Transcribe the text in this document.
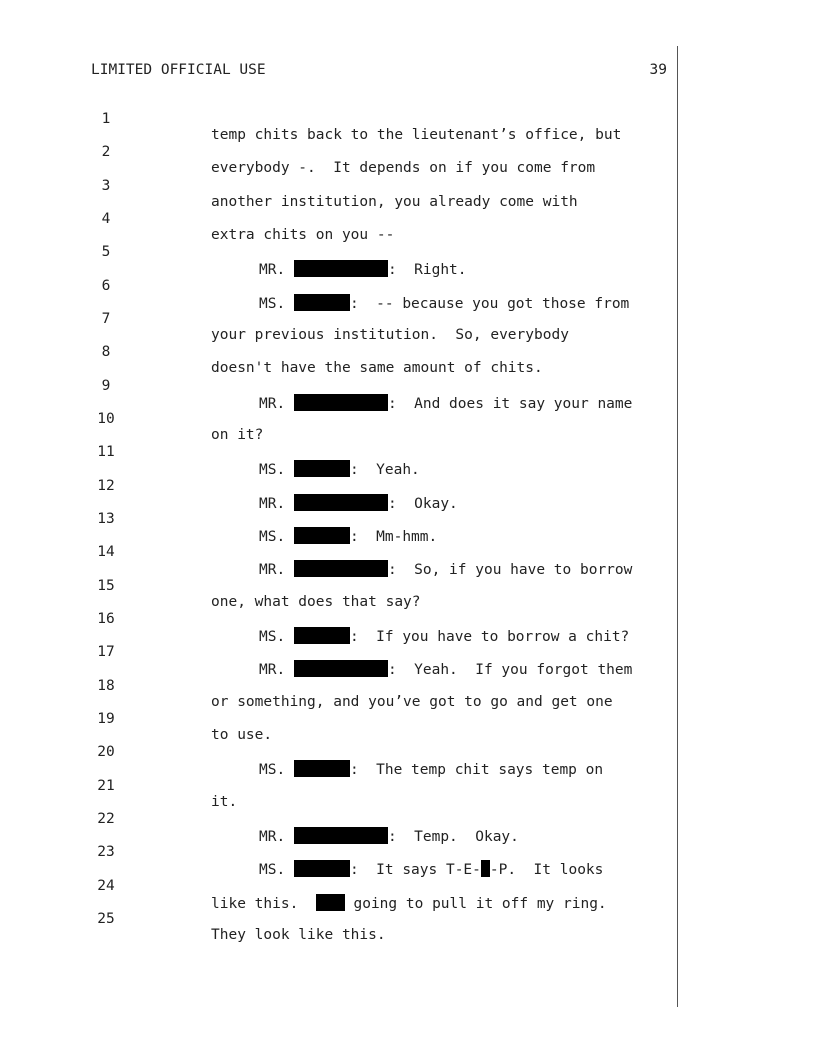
LIMITED OFFICIAL USE	39

1

temp chits back to the lieutenant’s office, but

2

everybody -.  It depends on if you come from

3

another institution, you already come with

4

extra chits on you --

5

MR.	:  Right.

6

MS.	:  -- because you got those from

7

your previous institution.  So, everybody

8

doesn't have the same amount of chits.

9

MR.	:  And does it say your name

10

on it?

11

MS.	:  Yeah.

12

MR.	:  Okay.

13

MS.	:  Mm-hmm.

14

MR.	:  So, if you have to borrow

15

one, what does that say?

16

MS.	:  If you have to borrow a chit?

17

MR.	:  Yeah.  If you forgot them

18

or something, and you’ve got to go and get one

19

to use.

20

MS.	:  The temp chit says temp on

21

it.

22

MR.	:  Temp.  Okay.

23

MS.	:  It says T-E- -P.  It looks

24

like this.   going to pull it off my ring.

25

They look like this.
